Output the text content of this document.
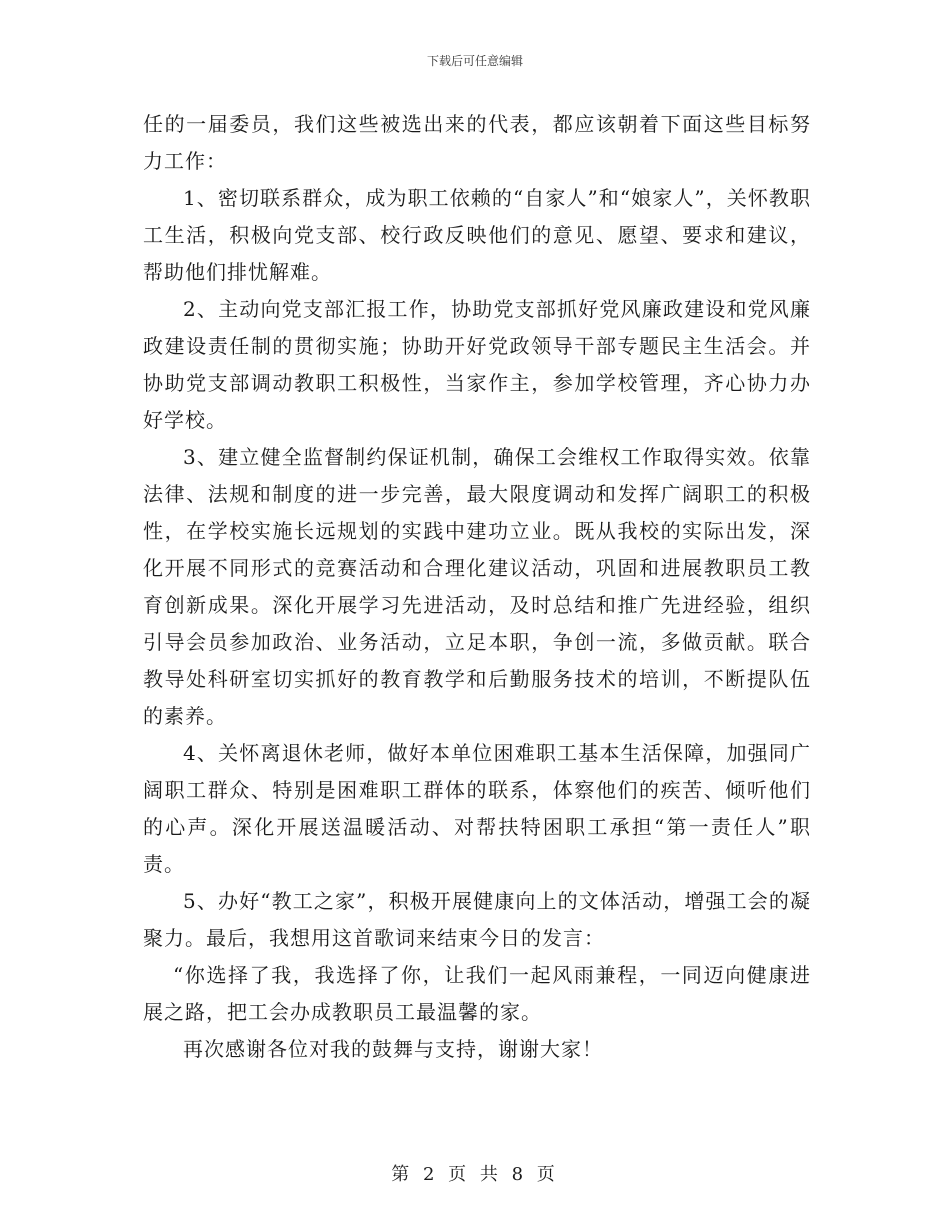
下载后可任意编辑

任的一届委员，我们这些被选出来的代表，都应该朝着下面这些目标努力工作：

1、密切联系群众，成为职工依赖的“自家人”和“娘家人”，关怀教职工生活，积极向党支部、校行政反映他们的意见、愿望、要求和建议，帮助他们排忧解难。

2、主动向党支部汇报工作，协助党支部抓好党风廉政建设和党风廉政建设责任制的贯彻实施；协助开好党政领导干部专题民主生活会。并协助党支部调动教职工积极性，当家作主，参加学校管理，齐心协力办好学校。

3、建立健全监督制约保证机制，确保工会维权工作取得实效。依靠法律、法规和制度的进一步完善，最大限度调动和发挥广阔职工的积极性，在学校实施长远规划的实践中建功立业。既从我校的实际出发，深化开展不同形式的竞赛活动和合理化建议活动，巩固和进展教职员工教育创新成果。深化开展学习先进活动，及时总结和推广先进经验，组织引导会员参加政治、业务活动，立足本职，争创一流，多做贡献。联合教导处科研室切实抓好的教育教学和后勤服务技术的培训，不断提队伍的素养。

4、关怀离退休老师，做好本单位困难职工基本生活保障，加强同广阔职工群众、特别是困难职工群体的联系，体察他们的疾苦、倾听他们的心声。深化开展送温暖活动、对帮扶特困职工承担“第一责任人”职责。

5、办好“教工之家”，积极开展健康向上的文体活动，增强工会的凝聚力。最后，我想用这首歌词来结束今日的发言：

“你选择了我，我选择了你，让我们一起风雨兼程，一同迈向健康进展之路，把工会办成教职员工最温馨的家。

再次感谢各位对我的鼓舞与支持，谢谢大家！

第 2 页 共 8 页
